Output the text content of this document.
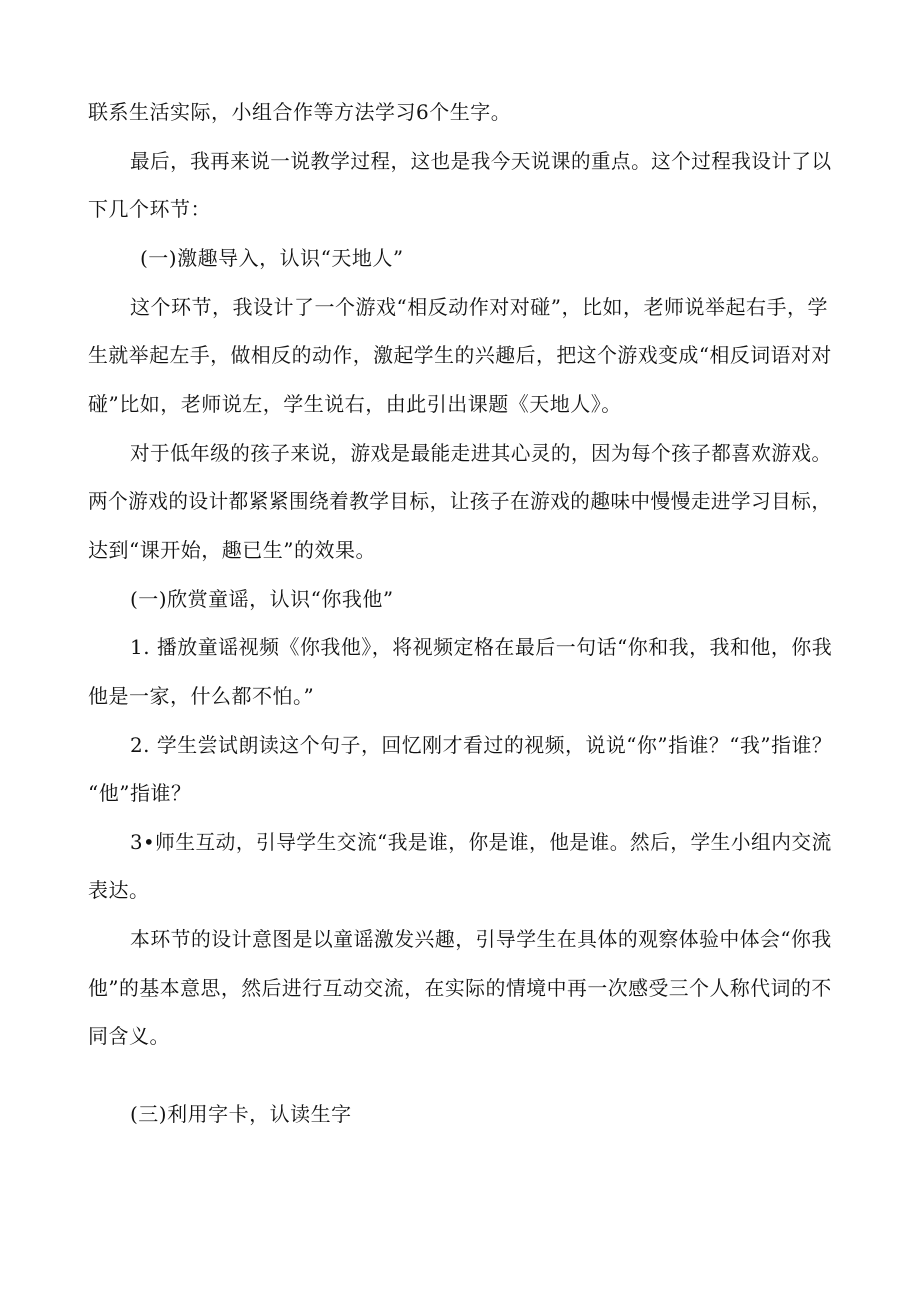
联系生活实际，小组合作等方法学习6个生字。
最后，我再来说一说教学过程，这也是我今天说课的重点。这个过程我设计了以
下几个环节：
(一)激趣导入，认识“天地人”
这个环节，我设计了一个游戏“相反动作对对碰”，比如，老师说举起右手，学
生就举起左手，做相反的动作，激起学生的兴趣后，把这个游戏变成“相反词语对对
碰”比如，老师说左，学生说右，由此引出课题《天地人》。
对于低年级的孩子来说，游戏是最能走进其心灵的，因为每个孩子都喜欢游戏。
两个游戏的设计都紧紧围绕着教学目标，让孩子在游戏的趣味中慢慢走进学习目标，
达到“课开始，趣已生”的效果。
(一)欣赏童谣，认识“你我他”
1. 播放童谣视频《你我他》，将视频定格在最后一句话“你和我，我和他，你我
他是一家，什么都不怕。”
2. 学生尝试朗读这个句子，回忆刚才看过的视频，说说“你”指谁？“我”指谁？
“他”指谁？
3•师生互动，引导学生交流“我是谁，你是谁，他是谁。然后，学生小组内交流
表达。
本环节的设计意图是以童谣激发兴趣，引导学生在具体的观察体验中体会“你我
他”的基本意思，然后进行互动交流，在实际的情境中再一次感受三个人称代词的不
同含义。
(三)利用字卡，认读生字
